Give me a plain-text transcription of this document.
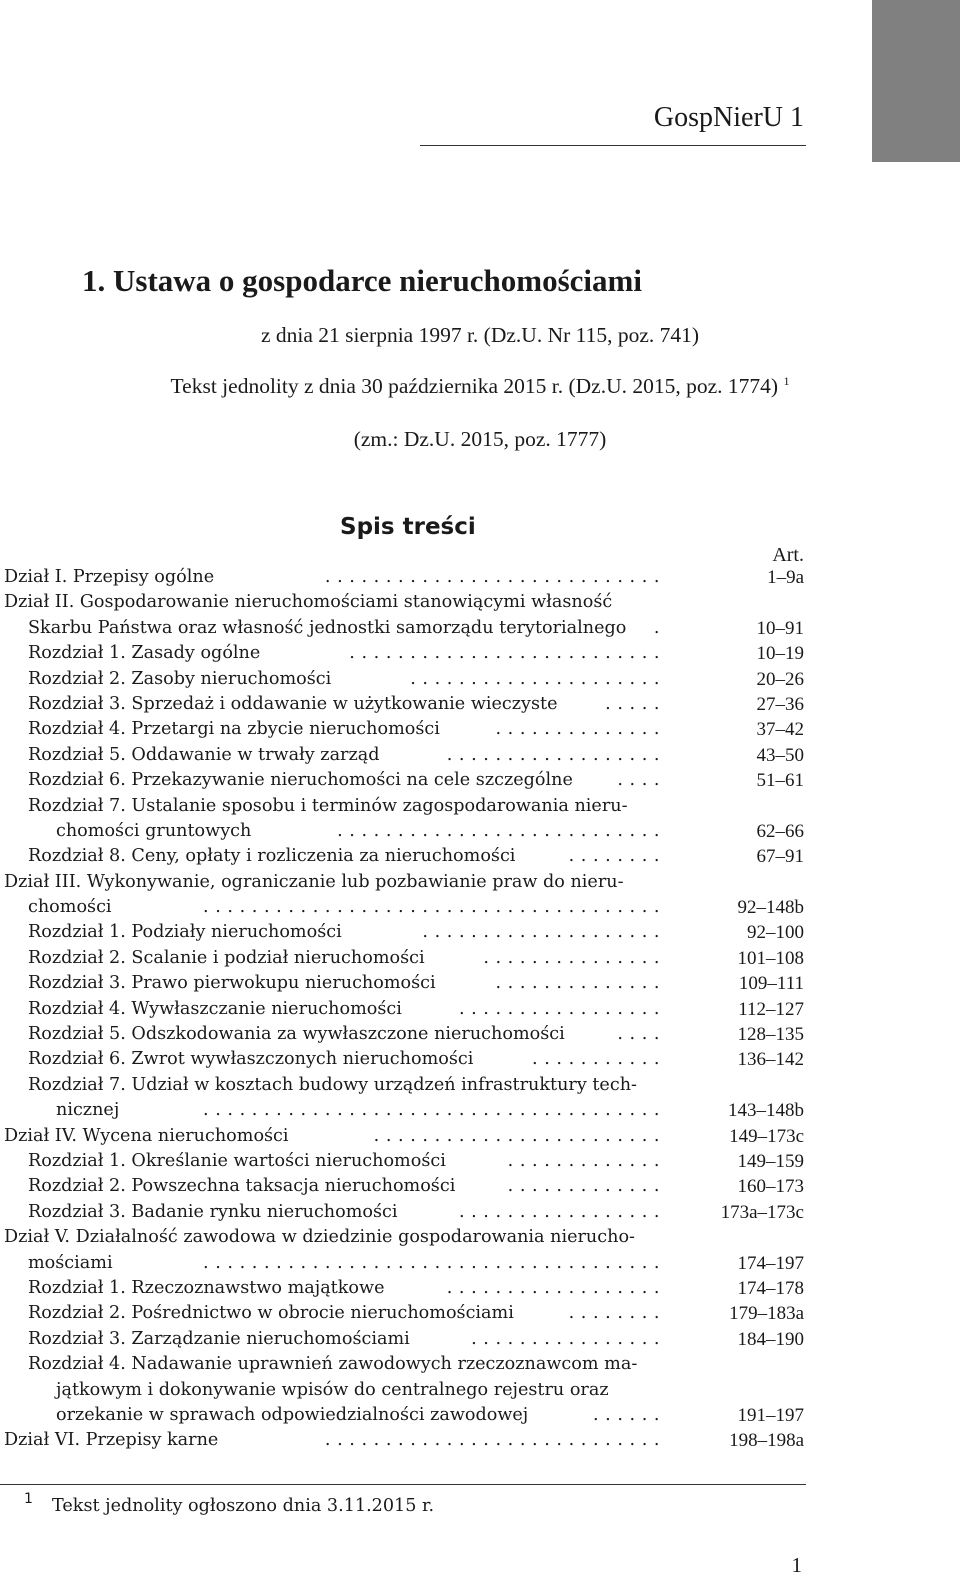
GospNierU 1
1. Ustawa o gospodarce nieruchomościami
z dnia 21 sierpnia 1997 r. (Dz.U. Nr 115, poz. 741)
Tekst jednolity z dnia 30 października 2015 r. (Dz.U. 2015, poz. 1774) $^1$
(zm.: Dz.U. 2015, poz. 1777)
Spis treści
Art.
Dział I. Przepisy ogólne	. . . . . . . . . . . . . . . . . . . . . . . . . . . .	1–9a
Dział II. Gospodarowanie nieruchomościami stanowiącymi własność
Skarbu Państwa oraz własność jednostki samorządu terytorialnego .	10–91
Rozdział 1. Zasady ogólne	. . . . . . . . . . . . . . . . . . . . . . . . . .	10–19
Rozdział 2. Zasoby nieruchomości	. . . . . . . . . . . . . . . . . . . . .	20–26
Rozdział 3. Sprzedaż i oddawanie w użytkowanie wieczyste	. . . . .	27–36
Rozdział 4. Przetargi na zbycie nieruchomości	. . . . . . . . . . . . . .	37–42
Rozdział 5. Oddawanie w trwały zarząd	. . . . . . . . . . . . . . . . . .	43–50
Rozdział 6. Przekazywanie nieruchomości na cele szczególne	. . . .	51–61
Rozdział 7. Ustalanie sposobu i terminów zagospodarowania nieru-
chomości gruntowych	. . . . . . . . . . . . . . . . . . . . . . . . . . .	62–66
Rozdział 8. Ceny, opłaty i rozliczenia za nieruchomości	. . . . . . . .	67–91
Dział III. Wykonywanie, ograniczanie lub pozbawianie praw do nieru-
chomości	. . . . . . . . . . . . . . . . . . . . . . . . . . . . . . . . . . . . . .	92–148b
Rozdział 1. Podziały nieruchomości	. . . . . . . . . . . . . . . . . . . .	92–100
Rozdział 2. Scalanie i podział nieruchomości	. . . . . . . . . . . . . . .	101–108
Rozdział 3. Prawo pierwokupu nieruchomości	. . . . . . . . . . . . . .	109–111
Rozdział 4. Wywłaszczanie nieruchomości	. . . . . . . . . . . . . . . . .	112–127
Rozdział 5. Odszkodowania za wywłaszczone nieruchomości	. . . .	128–135
Rozdział 6. Zwrot wywłaszczonych nieruchomości	. . . . . . . . . . .	136–142
Rozdział 7. Udział w kosztach budowy urządzeń infrastruktury tech-
nicznej	. . . . . . . . . . . . . . . . . . . . . . . . . . . . . . . . . . . . . .	143–148b
Dział IV. Wycena nieruchomości	. . . . . . . . . . . . . . . . . . . . . . . .	149–173c
Rozdział 1. Określanie wartości nieruchomości	. . . . . . . . . . . . .	149–159
Rozdział 2. Powszechna taksacja nieruchomości	. . . . . . . . . . . . .	160–173
Rozdział 3. Badanie rynku nieruchomości	. . . . . . . . . . . . . . . . .	173a–173c
Dział V. Działalność zawodowa w dziedzinie gospodarowania nierucho-
mościami	. . . . . . . . . . . . . . . . . . . . . . . . . . . . . . . . . . . . . .	174–197
Rozdział 1. Rzeczoznawstwo majątkowe	. . . . . . . . . . . . . . . . . .	174–178
Rozdział 2. Pośrednictwo w obrocie nieruchomościami	. . . . . . . .	179–183a
Rozdział 3. Zarządzanie nieruchomościami	. . . . . . . . . . . . . . . .	184–190
Rozdział 4. Nadawanie uprawnień zawodowych rzeczoznawcom ma-
jątkowym i dokonywanie wpisów do centralnego rejestru oraz
orzekanie w sprawach odpowiedzialności zawodowej	. . . . . .	191–197
Dział VI. Przepisy karne	. . . . . . . . . . . . . . . . . . . . . . . . . . . .	198–198a
1 Tekst jednolity ogłoszono dnia 3.11.2015 r.
1
